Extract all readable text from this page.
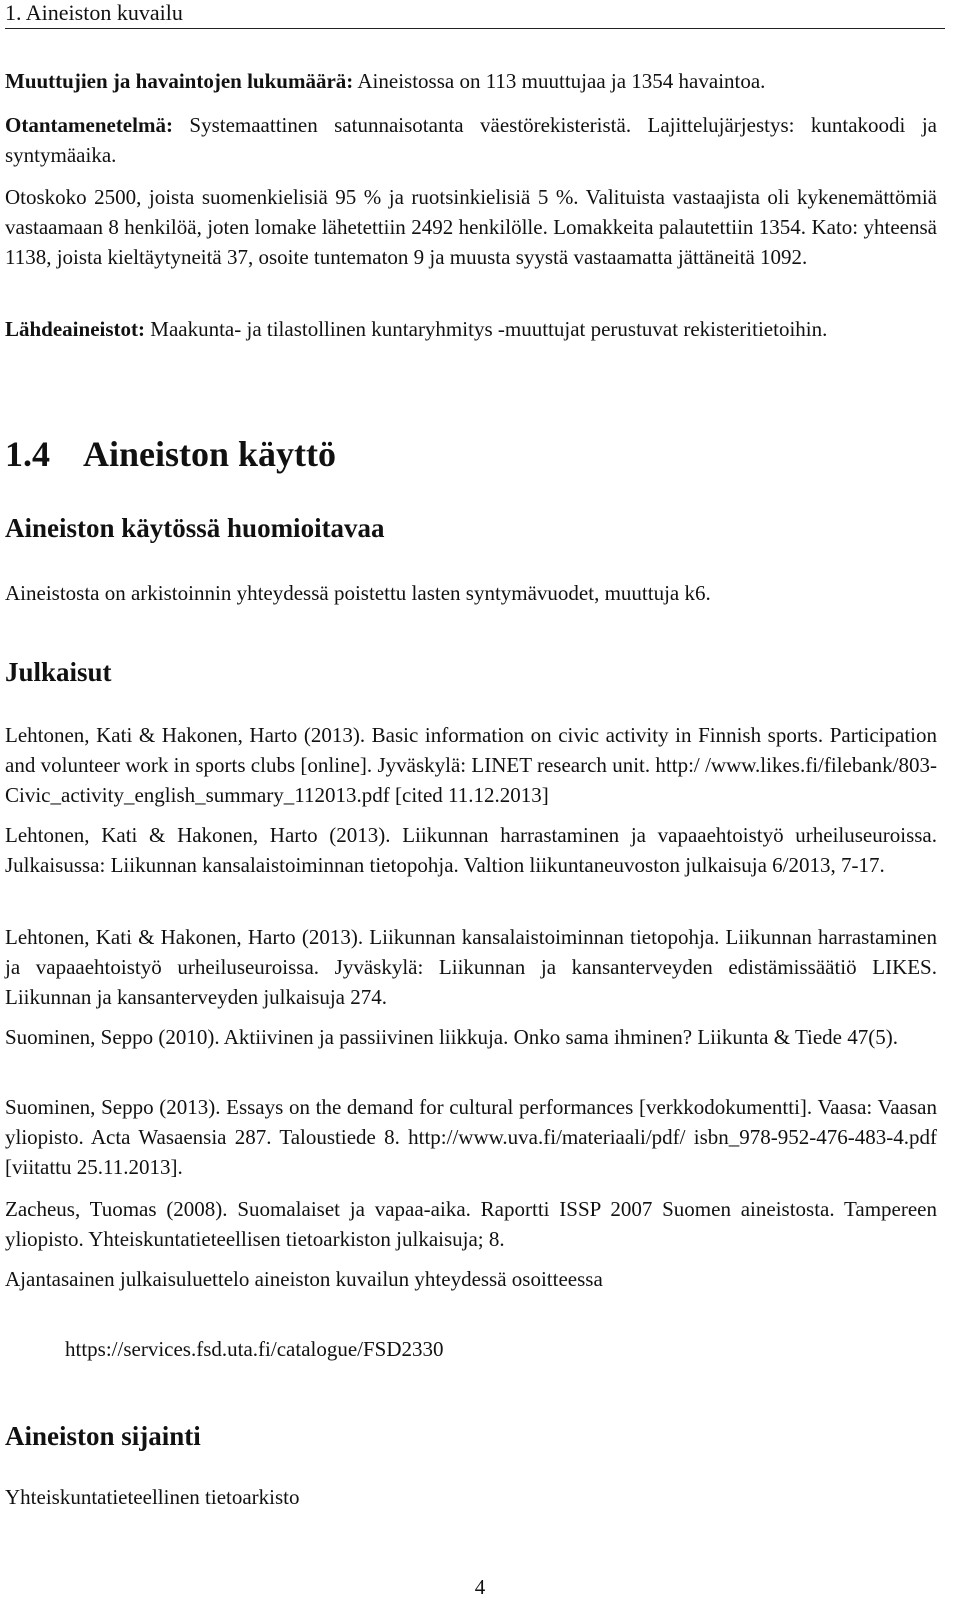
1. Aineiston kuvailu
Muuttujien ja havaintojen lukumäärä: Aineistossa on 113 muuttujaa ja 1354 havaintoa.
Otantamenetelmä: Systemaattinen satunnaisotanta väestörekisteristä. Lajittelujärjestys: kuntakoodi ja syntymäaika.
Otoskoko 2500, joista suomenkielisiä 95 % ja ruotsinkielisiä 5 %. Valituista vastaajista oli kykenemättömiä vastaamaan 8 henkilöä, joten lomake lähetettiin 2492 henkilölle. Lomakkeita palautettiin 1354. Kato: yhteensä 1138, joista kieltäytyneitä 37, osoite tuntematon 9 ja muusta syystä vastaamatta jättäneitä 1092.
Lähdeaineistot: Maakunta- ja tilastollinen kuntaryhmitys -muuttujat perustuvat rekisteritietoihin.
1.4 Aineiston käyttö
Aineiston käytössä huomioitavaa
Aineistosta on arkistoinnin yhteydessä poistettu lasten syntymävuodet, muuttuja k6.
Julkaisut
Lehtonen, Kati & Hakonen, Harto (2013). Basic information on civic activity in Finnish sports. Participation and volunteer work in sports clubs [online]. Jyväskylä: LINET research unit. http:/ /www.likes.fi/filebank/803-Civic_activity_english_summary_112013.pdf [cited 11.12.2013]
Lehtonen, Kati & Hakonen, Harto (2013). Liikunnan harrastaminen ja vapaaehtoistyö urheiluseuroissa. Julkaisussa: Liikunnan kansalaistoiminnan tietopohja. Valtion liikuntaneuvoston julkaisuja 6/2013, 7-17.
Lehtonen, Kati & Hakonen, Harto (2013). Liikunnan kansalaistoiminnan tietopohja. Liikunnan harrastaminen ja vapaaehtoistyö urheiluseuroissa. Jyväskylä: Liikunnan ja kansanterveyden edistämissäätiö LIKES. Liikunnan ja kansanterveyden julkaisuja 274.
Suominen, Seppo (2010). Aktiivinen ja passiivinen liikkuja. Onko sama ihminen? Liikunta & Tiede 47(5).
Suominen, Seppo (2013). Essays on the demand for cultural performances [verkkodokumentti]. Vaasa: Vaasan yliopisto. Acta Wasaensia 287. Taloustiede 8. http://www.uva.fi/materiaali/pdf/ isbn_978-952-476-483-4.pdf [viitattu 25.11.2013].
Zacheus, Tuomas (2008). Suomalaiset ja vapaa-aika. Raportti ISSP 2007 Suomen aineistosta. Tampereen yliopisto. Yhteiskuntatieteellisen tietoarkiston julkaisuja; 8.
Ajantasainen julkaisuluettelo aineiston kuvailun yhteydessä osoitteessa
https://services.fsd.uta.fi/catalogue/FSD2330
Aineiston sijainti
Yhteiskuntatieteellinen tietoarkisto
4
